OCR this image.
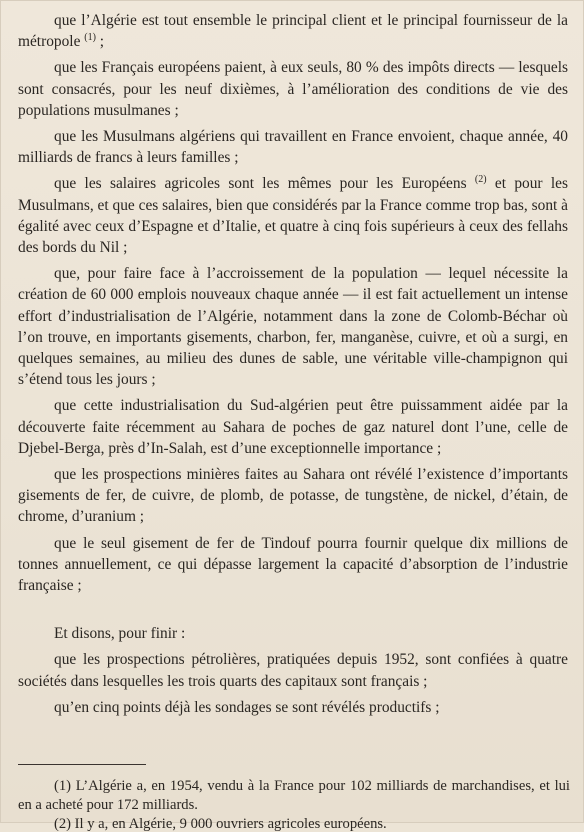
que l’Algérie est tout ensemble le principal client et le principal fournisseur de la métropole $^{(1)}$ ;

que les Français européens paient, à eux seuls, 80 % des impôts directs — lesquels sont consacrés, pour les neuf dixièmes, à l’amélioration des conditions de vie des populations musulmanes ;

que les Musulmans algériens qui travaillent en France envoient, chaque année, 40 milliards de francs à leurs familles ;

que les salaires agricoles sont les mêmes pour les Européens $^{(2)}$ et pour les Musulmans, et que ces salaires, bien que considérés par la France comme trop bas, sont à égalité avec ceux d’Espagne et d’Italie, et quatre à cinq fois supérieurs à ceux des fellahs des bords du Nil ;

que, pour faire face à l’accroissement de la population — lequel nécessite la création de 60 000 emplois nouveaux chaque année — il est fait actuellement un intense effort d’industrialisation de l’Algérie, notamment dans la zone de Colomb-Béchar où l’on trouve, en importants gisements, charbon, fer, manganèse, cuivre, et où a surgi, en quelques semaines, au milieu des dunes de sable, une véritable ville-champignon qui s’étend tous les jours ;

que cette industrialisation du Sud-algérien peut être puissamment aidée par la découverte faite récemment au Sahara de poches de gaz naturel dont l’une, celle de Djebel-Berga, près d’In-Salah, est d’une exceptionnelle importance ;

que les prospections minières faites au Sahara ont révélé l’existence d’importants gisements de fer, de cuivre, de plomb, de potasse, de tungstène, de nickel, d’étain, de chrome, d’uranium ;

que le seul gisement de fer de Tindouf pourra fournir quelque dix millions de tonnes annuellement, ce qui dépasse largement la capacité d’absorption de l’industrie française ;

Et disons, pour finir :

que les prospections pétrolières, pratiquées depuis 1952, sont confiées à quatre sociétés dans lesquelles les trois quarts des capitaux sont français ;

qu’en cinq points déjà les sondages se sont révélés productifs ;

(1) L’Algérie a, en 1954, vendu à la France pour 102 milliards de marchandises, et lui en a acheté pour 172 milliards.

(2) Il y a, en Algérie, 9 000 ouvriers agricoles européens.
